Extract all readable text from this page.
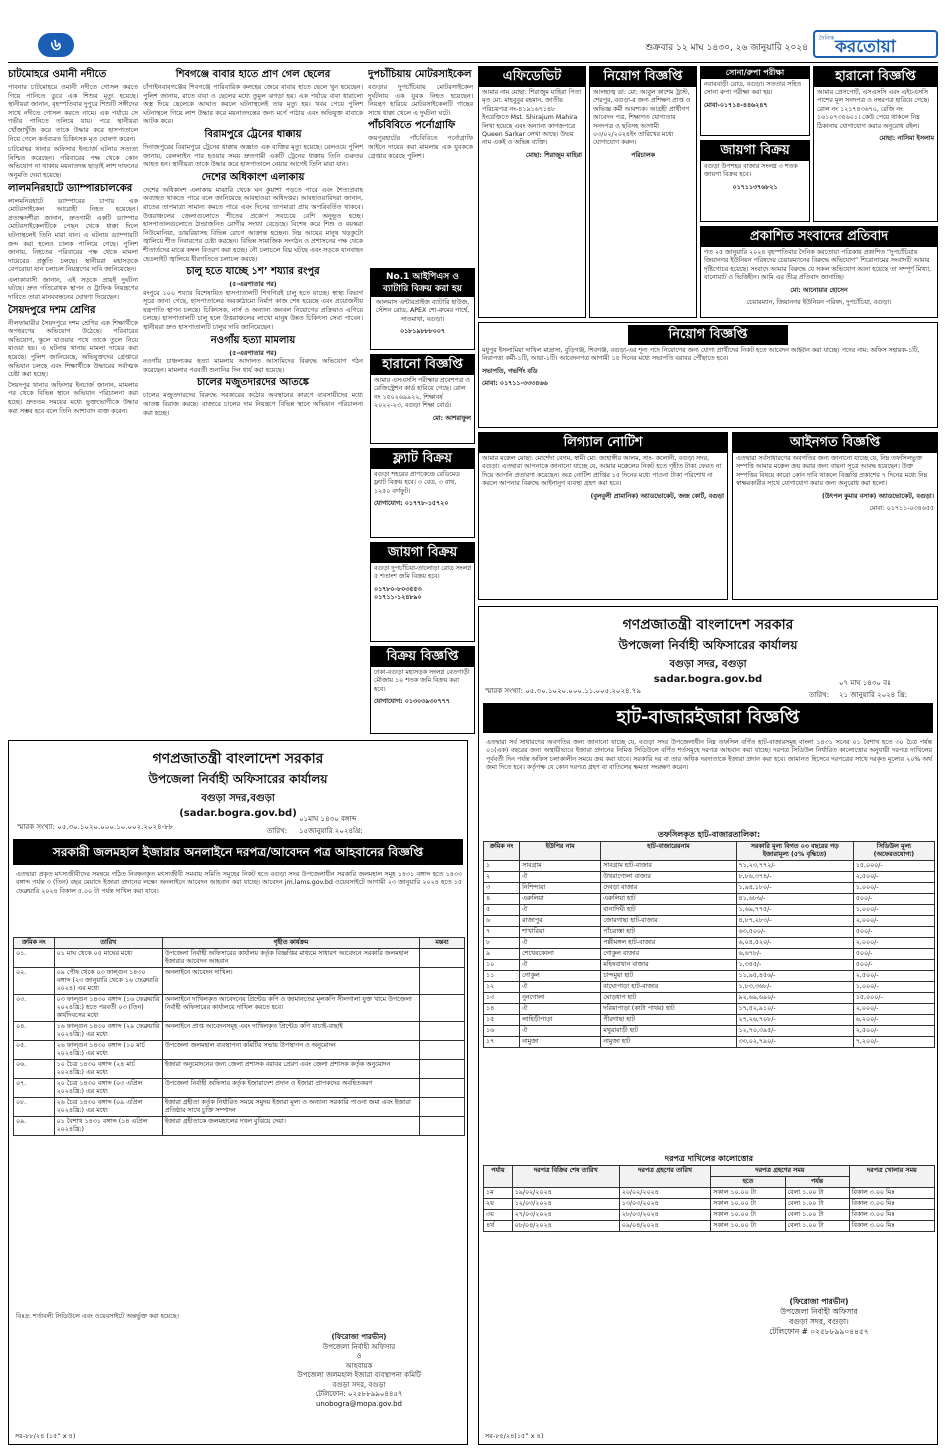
৬	শুক্রবার ১২ মাঘ ১৪৩০, ২৬ জানুয়ারি ২০২৪
দৈনিক করতোয়া
চাটমোহরে ওমানী নদীতে

পাবনার চাটমোহরে ওমানী নদীতে গোসল করতে গিয়ে পানিতে ডুবে এক শিশুর মৃত্যু হয়েছে। স্থানীয়রা জানান, বৃহস্পতিবার দুপুরে শিশুটি সঙ্গীদের সাথে নদীতে গোসল করতে নামে। এক পর্যায়ে সে গভীর পানিতে তলিয়ে যায়। পরে স্থানীয়রা খোঁজাখুঁজি করে তাকে উদ্ধার করে হাসপাতালে নিয়ে গেলে কর্তব্যরত চিকিৎসক মৃত ঘোষণা করেন।

চাটমোহর থানার অফিসার ইনচার্জ ঘটনার সত্যতা নিশ্চিত করেছেন। পরিবারের পক্ষ থেকে কোন অভিযোগ না থাকায় ময়নাতদন্ত ছাড়াই লাশ দাফনের অনুমতি দেয়া হয়েছে।

লালমনিরহাটে ড্যাম্পারচালকের

লালমনিরহাটে ড্যাম্পারের চাপায় এক মোটরসাইকেল আরোহী নিহত হয়েছেন। প্রত্যক্ষদর্শীরা জানান, দ্রুতগামী একটি ড্যাম্পার মোটরসাইকেলটিকে পেছন থেকে ধাক্কা দিলে ঘটনাস্থলেই তিনি মারা যান। এ ঘটনায় ড্যাম্পারটি জব্দ করা হলেও চালক পালিয়ে গেছে। পুলিশ জানায়, নিহতের পরিবারের পক্ষ থেকে মামলা দায়েরের প্রস্তুতি চলছে। স্থানীয়রা মহাসড়কে বেপরোয়া যান চলাচল নিয়ন্ত্রণের দাবি জানিয়েছেন।

এলাকাবাসী জানান, এই সড়কে প্রায়ই দুর্ঘটনা ঘটছে। দ্রুত গতিরোধক স্থাপন ও ট্রাফিক নিয়ন্ত্রণের দাবিতে তারা মানববন্ধনের ঘোষণা দিয়েছেন।

সৈয়দপুরে দশম শ্রেণির

নীলফামারীর সৈয়দপুরে দশম শ্রেণির এক শিক্ষার্থীকে অপহরণের অভিযোগ উঠেছে। পরিবারের অভিযোগ, স্কুলে যাওয়ার পথে তাকে তুলে নিয়ে যাওয়া হয়। এ ঘটনায় থানায় মামলা দায়ের করা হয়েছে। পুলিশ জানিয়েছে, অভিযুক্তদের গ্রেপ্তারে অভিযান চলছে এবং শিক্ষার্থীকে উদ্ধারের সর্বাত্মক চেষ্টা করা হচ্ছে।

সৈয়দপুর থানার অফিসার ইনচার্জ জানান, মামলার পর থেকে বিভিন্ন স্থানে অভিযান পরিচালনা করা হচ্ছে। দ্রুততম সময়ের মধ্যে ভুক্তভোগীকে উদ্ধার করা সম্ভব হবে বলে তিনি আশাবাদ ব্যক্ত করেন।

শিবগঞ্জে বাবার হাতে প্রাণ গেল ছেলের

চাঁপাইনবাবগঞ্জের শিবগঞ্জে পারিবারিক কলহের জেরে বাবার হাতে ছেলে খুন হয়েছেন। পুলিশ জানায়, রাতে বাবা ও ছেলের মধ্যে তুমুল ঝগড়া হয়। এক পর্যায়ে বাবা ধারালো অস্ত্র দিয়ে ছেলেকে আঘাত করলে ঘটনাস্থলেই তার মৃত্যু হয়। খবর পেয়ে পুলিশ ঘটনাস্থলে গিয়ে লাশ উদ্ধার করে ময়নাতদন্তের জন্য মর্গে পাঠায় এবং অভিযুক্ত বাবাকে আটক করে।

বিরামপুরে ট্রেনের ধাক্কায়

দিনাজপুরের বিরামপুরে ট্রেনের ধাক্কায় অজ্ঞাত এক ব্যক্তির মৃত্যু হয়েছে। রেলওয়ে পুলিশ জানায়, রেললাইন পার হওয়ার সময় দ্রুতগামী একটি ট্রেনের ধাক্কায় তিনি গুরুতর আহত হন। স্থানীয়রা তাকে উদ্ধার করে হাসপাতালে নেয়ার আগেই তিনি মারা যান।

দেশের অধিকাংশ এলাকায়

দেশের অধিকাংশ এলাকায় মাঝারি থেকে ঘন কুয়াশা পড়তে পারে এবং শৈত্যপ্রবাহ অব্যাহত থাকতে পারে বলে জানিয়েছে আবহাওয়া অধিদপ্তর। আবহাওয়াবিদরা জানান, রাতের তাপমাত্রা সামান্য কমতে পারে এবং দিনের তাপমাত্রা প্রায় অপরিবর্তিত থাকবে। উত্তরাঞ্চলের জেলাগুলোতে শীতের প্রকোপ সবচেয়ে বেশি অনুভূত হচ্ছে। হাসপাতালগুলোতে ঠান্ডাজনিত রোগীর সংখ্যা বেড়েছে। বিশেষ করে শিশু ও বয়স্করা নিউমোনিয়া, ডায়রিয়াসহ বিভিন্ন রোগে আক্রান্ত হচ্ছেন। নিম্ন আয়ের মানুষ খড়কুটো জ্বালিয়ে শীত নিবারণের চেষ্টা করছেন। বিভিন্ন সামাজিক সংগঠন ও প্রশাসনের পক্ষ থেকে শীতার্তদের মাঝে কম্বল বিতরণ করা হচ্ছে। নৌ চলাচলে বিঘ্ন ঘটছে এবং সড়কে যানবাহন হেডলাইট জ্বালিয়ে ধীরগতিতে চলাচল করছে।

চালু হতে যাচ্ছে ১শ’ শয্যার রংপুর
(৫-এরপাতার পর)

রংপুরে ১০০ শয্যার বিশেষায়িত হাসপাতালটি শিগগিরই চালু হতে যাচ্ছে। স্বাস্থ্য বিভাগ সূত্রে জানা গেছে, হাসপাতালের অবকাঠামো নির্মাণ কাজ শেষ হয়েছে এবং প্রয়োজনীয় যন্ত্রপাতি স্থাপন চলছে। চিকিৎসক, নার্স ও অন্যান্য জনবল নিয়োগের প্রক্রিয়াও এগিয়ে চলছে। হাসপাতালটি চালু হলে উত্তরাঞ্চলের লাখো মানুষ উন্নত চিকিৎসা সেবা পাবেন। স্থানীয়রা দ্রুত হাসপাতালটি চালুর দাবি জানিয়েছেন।

নওগাঁয় হত্যা মামলায়
(৫-এরপাতার পর)

নওগাঁয় চাঞ্চল্যকর হত্যা মামলায় আদালত আসামিদের বিরুদ্ধে অভিযোগ গঠন করেছেন। মামলার পরবর্তী শুনানির দিন ধার্য করা হয়েছে।

চালের মজুতদারদের আতঙ্কে

চালের মজুতদারদের বিরুদ্ধে সরকারের কঠোর অবস্থানের কারণে ব্যবসায়ীদের মধ্যে আতঙ্ক বিরাজ করছে। বাজারে চালের দাম নিয়ন্ত্রণে বিভিন্ন স্থানে অভিযান পরিচালনা করা হচ্ছে।

দুপচাঁচিয়ায় মোটরসাইকেল

বগুড়ার দুপচাঁচিয়ায় মোটরসাইকেল দুর্ঘটনায় এক যুবক নিহত হয়েছেন। নিয়ন্ত্রণ হারিয়ে মোটরসাইকেলটি গাছের সাথে ধাক্কা খেলে এ দুর্ঘটনা ঘটে।

পাঁচবিবিতে পর্নোগ্রাফি

জয়পুরহাটের পাঁচবিবিতে পর্নোগ্রাফি আইনে দায়ের করা মামলায় এক যুবককে গ্রেপ্তার করেছে পুলিশ।

No.1 আইপিএস ও ব্যাটারি বিক্রয় করা হয়
আলমাস এন্টারপ্রাইজ ব্যাটারি হাউজ, স্টেশন রোড, APEX শো-রুমের পার্শ্বে, সাতমাথা, বগুড়া।
০১৮১৯৮৮৮০০৭
হারানো বিজ্ঞপ্তি
আমার এসএসসি পরীক্ষার প্রবেশপত্র ও রেজিস্ট্রেশন কার্ড হারিয়ে গেছে। রোল নং ১৫০২৬৯৯২২, শিক্ষাবর্ষ ২০২২-২৩, বগুড়া শিক্ষা বোর্ড।
মো: আশরাফুল
ফ্ল্যাট বিক্রয়
বগুড়া শহরের প্রাণকেন্দ্রে রেডিমেড ফ্ল্যাট বিক্রয় হবে। ৩ বেড, ৩ বাথ, ১২৫০ বর্গফুট।
যোগাযোগ: ০১৭৭৮-১৫৭২০
জায়গা বিক্রয়
বগুড়া দুপচাঁচিয়া-তালোড়া রোড সংলগ্ন ৫ শতাংশ জমি বিক্রয় হবে।
০১৭৮০-৮০৩৫৫৩
০১৭১১-১২৪৮৯০
বিক্রয় বিজ্ঞপ্তি
ঢাকা-বগুড়া মহাসড়ক সংলগ্ন বেতগাড়ী মৌজায় ১০ শতক জমি বিক্রয় করা হবে।
যোগাযোগ: ০১৩০৩৯৩০৭৭৭
এফিডেভিট
আমার নাম মোছা: শিরাজুম মাহিরা পিতা মৃত মো: মাহবুবুর রহমান, জাতীয় পরিচয়পত্র নং-৪১৯১৬৭১৪৮ ইংরেজিতে Mst. Shirajum Mahira লিখা হয়েছে এবং অন্যান্য কাগজপত্রে Queen Sarkar লেখা আছে। উভয় নাম একই ও অভিন্ন ব্যক্তি।
মোছা: শিরাজুম মাহিরা
নিয়োগ বিজ্ঞপ্তি
আলহাজ্ব ডা: মো: আবুল কাশেম ট্রাস্ট, শেরপুর, বগুড়া-র জন্য প্রশিক্ষণ প্রাপ্ত ও অভিজ্ঞ কর্মী আবশ্যক। আগ্রহী প্রার্থীগণ আবেদন পত্র, শিক্ষাগত যোগ্যতার সনদপত্র ও ছবিসহ আগামী ০৩/০২/২০২৪ইং তারিখের মধ্যে যোগাযোগ করুন।
পরিচালক
সোনা/রুপা পরীক্ষা
নবাববাড়ী রোড, বগুড়া। সততার সহিত সোনা রুপা পরীক্ষা করা হয়।
মোবা-০১৭১৪-৪৪৬২৪৭
জায়গা বিক্রয়
বগুড়া উপশহর বাজার সংলগ্ন ৩ শতক জায়গা বিক্রয় হবে।
০১৭১১৩৭৬৮২১
হারানো বিজ্ঞপ্তি
আমার প্রেসপোর্ট, এসএসসি এবং এইচএসসি পাশের মূল সনদপত্র ও নম্বরপত্র হারিয়ে গেছে। রোল নং ১২১৭৪৩৬৭০, রেজি নং ১৬১০৭৩৫৬০১। কেউ পেয়ে থাকলে নিম্ন ঠিকানায় যোগাযোগ করার অনুরোধ রইল।
মোছা: নাসিমা ইসলাম
প্রকাশিত সংবাদের প্রতিবাদ
গত ২৫ জানুয়ারি ২০২৪ বৃহস্পতিবার দৈনিক করতোয়া পত্রিকায় প্রকাশিত “দুপচাঁচিয়ায় জিয়ানগর ইউনিয়ন পরিষদের চেয়ারম্যানের বিরুদ্ধে অভিযোগ” শিরোনামের সংবাদটি আমার দৃষ্টিগোচর হয়েছে। সংবাদে আমার বিরুদ্ধে যে সকল অভিযোগ আনা হয়েছে তা সম্পূর্ণ মিথ্যা, বানোয়াট ও ভিত্তিহীন। আমি এর তীব্র প্রতিবাদ জানাচ্ছি।
মো: আনোয়ার হোসেন
চেয়ারম্যান, জিয়ানগর ইউনিয়ন পরিষদ, দুপচাঁচিয়া, বগুড়া।
নিয়োগ বিজ্ঞপ্তি
মধুপুর ইসলামিয়া দাখিল মাদ্রাসা, বুড়িগঞ্জ, শিবগঞ্জ, বগুড়া-এর শূন্য পদে নিয়োগের জন্য যোগ্য প্রার্থীদের নিকট হতে আবেদন আহ্বান করা যাচ্ছে। পদের নাম: অফিস সহায়ক-১টি, নিরাপত্তা কর্মী-১টি, আয়া-১টি। আবেদনপত্র আগামী ১৫ দিনের মধ্যে সভাপতি বরাবর পৌঁছাতে হবে।
সভাপতি, গভর্ণিং বডি
মোবা: ০১৭১১-৩৩৩৪৬৬
লিগ্যাল নোটিশ
আমার মক্কেল মোছা: মোর্শেদা বেগম, স্বামী মো: জাহাঙ্গীর আলম, সাং- কলোনী, বগুড়া সদর, বগুড়া। এতদ্বারা আপনাকে জানানো যাচ্ছে যে, আমার মক্কেলের নিকট হতে গৃহীত টাকা ফেরত না দিয়ে আপনি প্রতারণা করেছেন। অত্র নোটিশ প্রাপ্তির ১৫ দিনের মধ্যে পাওনা টাকা পরিশোধ না করলে আপনার বিরুদ্ধে আইনানুগ ব্যবস্থা গ্রহণ করা হবে।
(বুলবুলী প্রামানিক) অ্যাডভোকেট, জজ কোর্ট, বগুড়া
আইনগত বিজ্ঞপ্তি
এতদ্বারা সর্বসাধারণের অবগতির জন্য জানানো যাচ্ছে যে, নিম্ন তফসিলভুক্ত সম্পত্তি আমার মক্কেল ক্রয় করার জন্য বায়না সূত্রে আবদ্ধ হয়েছেন। উক্ত সম্পত্তির বিষয়ে কারো কোন দাবি থাকলে বিজ্ঞপ্তি প্রকাশের ৭ দিনের মধ্যে নিম্ন স্বাক্ষরকারীর সাথে যোগাযোগ করার জন্য অনুরোধ করা হলো।
(উৎপল কুমার বসাক) অ্যাডভোকেট, বগুড়া।
মোবা: ০১৭১১-০৩৪৬৫৫
গণপ্রজাতন্ত্রী বাংলাদেশ সরকার
উপজেলা নির্বাহী অফিসারের কার্যালয়
বগুড়া সদর,বগুড়া
(sadar.bogra.gov.bd) ০১মাঘ ১৪৩০ বঙ্গাব্দ
স্মারক সংখ্যা: ০৫.৩০.১০২০.০০০.১০.০০২.২০২৪-৮৮	তারিখ: ১৫জানুয়ারি ২০২৪খ্রি:
সরকারী জলমহাল ইজারার অনলাইনে দরপত্র/আবেদন পত্র আহবানের বিজ্ঞপ্তি
এতদ্বারা প্রকৃত মৎস্যজীবীদের সমন্বয়ে গঠিত নিবন্ধনকৃত মৎস্যজীবী সমবায় সমিতি সমূহের নিকট হতে বগুড়া সদর উপজেলাধীন সরকারি জলমহাল সমূহ ১৪৩১ বঙ্গাব্দ হতে ১৪৩৩ বঙ্গাব্দ পর্যন্ত ৩ (তিন) বছর মেয়াদে ইজারা প্রদানের লক্ষ্যে অনলাইনে আবেদন আহবান করা যাচ্ছে। আবেদন jm.lams.gov.bd ওয়েবসাইটে আগামী ২৩ জানুয়ারি ২০২৪ হতে ১৫ ফেব্রুয়ারি ২০২৪ বিকাল ৫.০০ টা পর্যন্ত দাখিল করা যাবে।
ক্রমিক নং	তারিখ	গৃহীত কার্যক্রম	মন্তব্য
০১.	০১ মাঘ থেকে ০৫ মাঘের মধ্যে	উপজেলা নির্বাহী অফিসারের কার্যালয় কর্তৃক বিজ্ঞপ্তির মাধ্যমে সাধারণ আবেদনে সরকারি জলমহাল ইজারার আবেদন আহবান	
০২.	০৯ পৌষ থেকে ০৩ ফাল্গুন ১৪৩০ বঙ্গাব্দ (২৩ জানুয়ারি থেকে ১৬ ফেব্রুয়ারি ২০২৪) এর মধ্যে	অনলাইনে আবেদন দাখিল।	
০৩.	০৩ ফাল্গুন ১৪৩০ বঙ্গাব্দ (১৬ ফেব্রুয়ারি ২০২৪খ্রি:) হতে পরবর্তী ০৩ (তিন) কার্যদিবসের মধ্যে	অনলাইনে দাখিলকৃত আবেদনের প্রিন্টেড কপি ও জামানতের মূলকপি সীলগালা যুক্ত খামে উপজেলা নির্বাহী অফিসারের কার্যালয়ে দাখিল করতে হবে।	
০৪.	১৬ ফাল্গুন ১৪৩০ বঙ্গাব্দ (২৯ ফেব্রুয়ারি ২০২৪খ্রি:) এর মধ্যে	অনলাইনে প্রাপ্ত আবেদনসমূহ এবং দাখিলকৃত প্রিন্টেড কপি যাচাই-বাছাই	
০৫.	২৬ ফাল্গুন ১৪৩০ বঙ্গাব্দ (১০ মার্চ ২০২৪খ্রি:) এর মধ্যে	উপজেলা জলমহাল ব্যবস্থাপনা কমিটির সভায় উপস্থাপন ও অনুমোদন	
০৬.	১০ চৈত্র ১৪৩০ বঙ্গাব্দ (২৪ মার্চ ২০২৪খ্রি:) এর মধ্যে	ইজারা অনুমোদনের জন্য জেলা প্রশাসক বরাবর প্রেরণ এবং জেলা প্রশাসক কর্তৃক অনুমোদন	
০৭.	২০ চৈত্র ১৪৩০ বঙ্গাব্দ (০৩ এপ্রিল ২০২৪খ্রি:) এর মধ্যে	উপজেলা নির্বাহী অফিসার কর্তৃক ইজারাদেশ প্রদান ও ইজারা প্রাপকদের অবহিতকরণ	
০৮.	২৬ চৈত্র ১৪৩০ বঙ্গাব্দ (০৯ এপ্রিল ২০২৪খ্রি:) এর মধ্যে	ইজারা গ্রহীতা কর্তৃক নির্ধারিত সময়ে সমুদয় ইজারা মূল্য ও অন্যান্য সরকারি পাওনা জমা এবং ইজারা প্রতিষ্ঠার সাথে চুক্তি সম্পাদন	
০৯.	০১ বৈশাখ ১৪৩১ বঙ্গাব্দ (১৪ এপ্রিল ২০২৪খ্রি:)	ইজারা গ্রহীতাকে জলমহালের দখল বুঝিয়ে দেয়া।	
বিঃদ্র: শর্তাবলী সিডিউলে এবং ওয়েবসাইটে অন্তর্ভুক্ত করা হয়েছে।
(ফিরোজা পারভীন)
উপজেলা নির্বাহী অফিসার
ও
আহবায়ক
উপজেলা জলমহাল ইজারা ব্যবস্থাপনা কমিটি
বগুড়া সদর, বগুড়া
টেলিফোন: ০২৫৮৮৯৯০৪৪৫৭
unobogra@mopa.gov.bd
সর-৮৮/২৪ (১৫” x ৪)
গণপ্রজাতন্ত্রী বাংলাদেশ সরকার
উপজেলা নির্বাহী অফিসারের কার্যালয়
বগুড়া সদর, বগুড়া
sadar.bogra.gov.bd
স্মারক সংখ্যা: ০৫.৩০.১০২০.০০০.১১.০০৫.২০২৪.৭৯
০৭ মাঘ ১৪৩০ বঃ
তারিখ: ২১ জানুয়ারি ২০২৪ খ্রি:
হাট-বাজারইজারা বিজ্ঞপ্তি
এতদ্বারা সর্ব সাধারণের অবগতির জন্য জানানো যাচ্ছে যে, বগুড়া সদর উপজেলাধীন নিম্ন তফসিল বর্ণিত হাট-বাজারসমূহ বাংলা ১৪৩১ সনের ০১ বৈশাখ হতে ৩০ চৈত্র পর্যন্ত ০১(এক) বছরের জন্য অস্থায়ীভাবে ইজারা প্রদানের নিমিত্ত সিডিউলে বর্ণিত শর্তসমূহে দরপত্র আহবান করা যাচ্ছে। দরপত্র সিডিউল নির্ধারিত কালোত্তোর অনুযায়ী দরপত্র দাখিলের পূর্ববর্তী দিন পর্যন্ত অফিস চলাকালীন সময়ে ক্রয় করা যাবে। সরকারি দর বা তার অধিক দরদাতাকে ইজারা প্রদান করা হবে। জামানত হিসেবে দরপত্রের সাথে দরকৃত মূল্যের ২০% অর্থ জমা দিতে হবে। কর্তৃপক্ষ যে কোন দরপত্র গ্রহণ বা বাতিলের ক্ষমতা সংরক্ষণ করেন।
তফসিলকৃত হাট-বাজারতালিকা:
ক্রমিক নং	ইউপির নাম	হাট-বাজারেরনাম	সরকারি মূল্য বিগত ০৩ বছরের গড় ইজারামূল্য (৫% বৃদ্ধিতে)	সিডিউল মূল্য (অফেরতযোগ্য)
১	সাবগ্রাম	সাবগ্রাম হাট-বাজার	৭১,২৩,৭৭২/-	১৫,০০০/-
২	ঐ	উথরাগোলা বাজার	৮,৮৬,৩৭৪/-	২,৫০০/-
৩	নিশিন্দারা	দেবড়া বাজার	১,৯৪,১৮০/-	১,০০০/-
৪	এরুলিয়া	এরুলিয়া হাট	৪১,৬৮৬/-	৫০০/-
৫	ঐ	বানাদিঘী হাট	১,৬৯,৭৭৫/-	১,০০০/-
৬	রাজাপুর	জোরগাছা হাট-বাজার	৪,৮৭,২৮৩/-	২,০০০/-
৭	শাখারিয়া	পাঁচরাস্তা হাট	৬৩,৫০০/-	৫০০/-
৮	ঐ	পল্লীমঙ্গল হাট-বাজার	৬,০৪,৫২০/-	২,০০০/-
৯	শেখেরকোলা	গোকুল বাজার	৬,৬৭৮/-	৫০০/-
১০	ঐ	মহিষবাথান বাজার	১,৩৪৫/-	৫০০/-
১১	গোকুল	চান্দমুয়া হাট	১১,৯৫,৪৫৬/-	২,৫০০/-
১২	ঐ	বাঘোপাড়া হাট-বাজার	১,৮৩,৩৬৮/-	১,০০০/-
১৩	নুনগোলা	ঘোড়ধাপ হাট	৯২,৬৯,৬৯০/-	১৫,০০০/-
১৪	ঐ	দরিয়াপাড়া (কাটা পাথর) হাট	১৭,৫২,৯১০/-	২,০০০/-
১৫	লাহিড়ীপাড়া	পীরগাছা হাট	২৭,২৬,৭০৮/-	৬,২০০/-
১৬	ঐ	মথুরাবাড়ী হাট	১২,৭০,৩৯৫/-	২,৫০০/-
১৭	নামুজা	নামুজা হাট	৩৩,০২,৭৯০/-	৭,২০০/-
দরপত্র দাখিলের কালোত্তোর
পর্যায়	দরপত্র বিক্রির শেষ তারিখ	দরপত্র গ্রহণের তারিখ	দরপত্র গ্রহণের সময়		দরপত্র খোলার সময়
			হতে	পর্যন্ত	
১ম	১৯/০২/২০২৪	২০/০২/২০২৪	সকাল ১০.০০ টা	বেলা ১.০০ টা	বিকাল ৩.০০ মিঃ
২য়	১২/০৩/২০২৪	১৩/০৩/২০২৪	সকাল ১০.০০ টা	বেলা ১.০০ টা	বিকাল ৩.০০ মিঃ
৩য়	২৭/০৩/২০২৪	২৮/০৩/২০২৪	সকাল ১০.০০ টা	বেলা ১.০০ টা	বিকাল ৩.০০ মিঃ
৪র্থ	০৮/০৪/২০২৪	০৯/০৪/২০২৪	সকাল ১০.০০ টা	বেলা ১.০০ টা	বিকাল ৩.০০ মিঃ
(ফিরোজা পারভীন)
উপজেলা নির্বাহী অফিসার
বগুড়া সদর, বগুড়া।
টেলিফোন # ০২৫৮৮৯৯০৪৪৫৭
সর-৮৫/২৪(১৫” x ৪)
